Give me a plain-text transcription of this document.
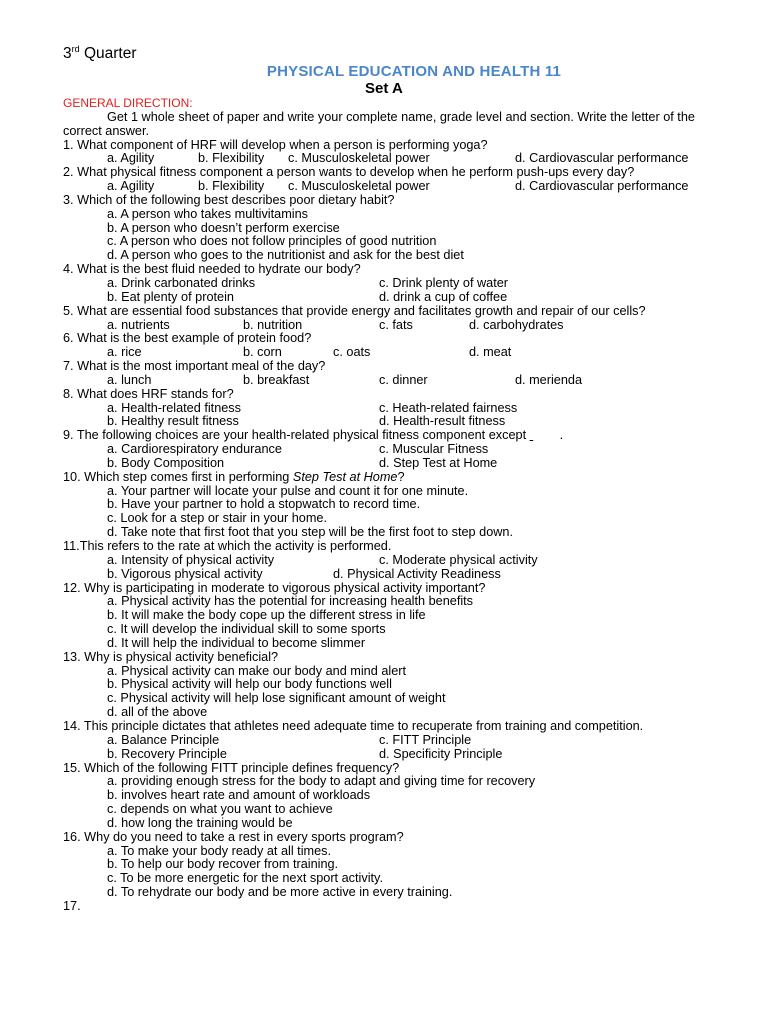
3rd Quarter
PHYSICAL EDUCATION AND HEALTH 11
Set A
GENERAL DIRECTION:

Get 1 whole sheet of paper and write your complete name, grade level and section. Write the letter of the correct answer.

1. What component of HRF will develop when a person is performing yoga?
a. Agility	b. Flexibility c. Musculoskeletal power	d. Cardiovascular performance
2. What physical fitness component a person wants to develop when he perform push-ups every day?
a. Agility	b. Flexibility c. Musculoskeletal power	d. Cardiovascular performance
3. Which of the following best describes poor dietary habit?
a. A person who takes multivitamins
b. A person who doesn’t perform exercise
c. A person who does not follow principles of good nutrition
d. A person who goes to the nutritionist and ask for the best diet
4. What is the best fluid needed to hydrate our body?
a. Drink carbonated drinks	c. Drink plenty of water
b. Eat plenty of protein	d. drink a cup of coffee
5. What are essential food substances that provide energy and facilitates growth and repair of our cells?
a. nutrients	b. nutrition	c. fats	d. carbohydrates
6. What is the best example of protein food?
a. rice	b. corn	c. oats	d. meat
7. What is the most important meal of the day?
a. lunch	b. breakfast	c. dinner	d. merienda
8. What does HRF stands for?
a. Health-related fitness	c. Heath-related fairness
b. Healthy result fitness	d. Health-result fitness
9. The following choices are your health-related physical fitness component except	.
a. Cardiorespiratory endurance	c. Muscular Fitness
b. Body Composition	d. Step Test at Home
10. Which step comes first in performing Step Test at Home?
a. Your partner will locate your pulse and count it for one minute.
b. Have your partner to hold a stopwatch to record time.
c. Look for a step or stair in your home.
d. Take note that first foot that you step will be the first foot to step down.
11.This refers to the rate at which the activity is performed.
a. Intensity of physical activity	c. Moderate physical activity
b. Vigorous physical activity	d. Physical Activity Readiness
12. Why is participating in moderate to vigorous physical activity important?
a. Physical activity has the potential for increasing health benefits
b. It will make the body cope up the different stress in life
c. It will develop the individual skill to some sports
d. It will help the individual to become slimmer
13. Why is physical activity beneficial?
a. Physical activity can make our body and mind alert
b. Physical activity will help our body functions well
c. Physical activity will help lose significant amount of weight
d. all of the above
14. This principle dictates that athletes need adequate time to recuperate from training and competition.
a. Balance Principle	c. FITT Principle
b. Recovery Principle	d. Specificity Principle
15. Which of the following FITT principle defines frequency?
a. providing enough stress for the body to adapt and giving time for recovery
b. involves heart rate and amount of workloads
c. depends on what you want to achieve
d. how long the training would be
16. Why do you need to take a rest in every sports program?
a. To make your body ready at all times.
b. To help our body recover from training.
c. To be more energetic for the next sport activity.
d. To rehydrate our body and be more active in every training.
17.
